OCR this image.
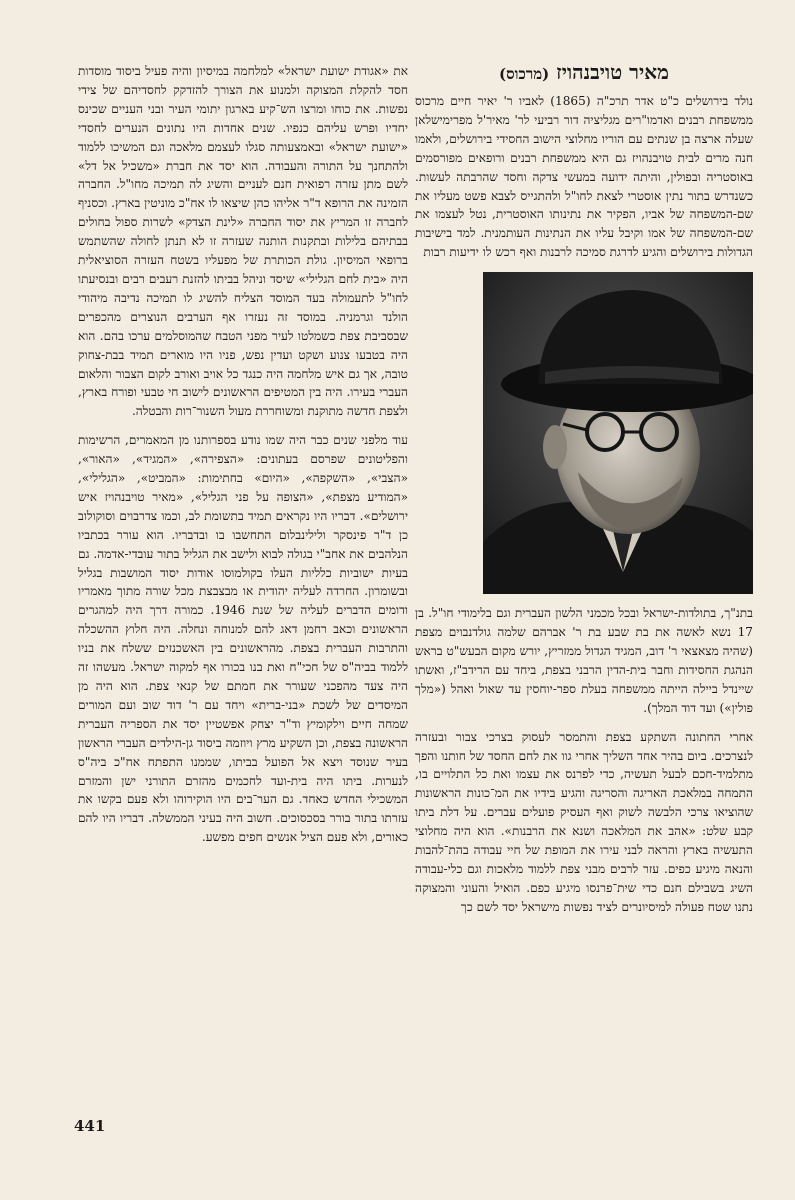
מאיר טויבנהויז (מרכוס)

נולד בירושלים כ"ט אדר תרכ"ה (1865) לאביו ר' יאיר חיים מרכוס ממשפחת רבנים ואדמו"רים מגליציה דור רביעי לר' מאיר'ל מפרימישלאן שעלה ארצה בן שנתים עם הוריו מחלוצי הישוב החסידי בירושלים, ולאמו חנה מרים לבית טויבנהויז גם היא ממשפחת רבנים ורופאים מפורסמים באוסטריה ובפולין, והיתה ידועה במעשי צדקה וחסד שהרבתה לעשות. כשנדרש בתור נתין אוסטרי לצאת לחו"ל ולהתגייס לצבא פשט מעליו את שם-המשפחה של אביו, הפקיר את נתינותו האוסטרית, נטל לעצמו את שם-המשפחה של אמו וקיבל עליו את הנתינות העותמנית. למד בישיבות הגדולות בירושלים והגיע לדרגת סמיכה לרבנות ואף רכש לו ידיעות רבות

בתנ"ך, בתולדות-ישראל ובכל מכמני הלשון העברית וגם בלימודי חו"ל. בן 17 נשא לאשה את בת שבע בת ר' אברהם שלמה גולדנבוים מצפת (שהיה מצאצאי ר' דוב, המגיד הגדול ממזריץ, יורש מקום הבעש"ט בראש הנהגת החסידות וחבר בית-הדין הרבני בצפת, ביחד עם הרידב"ז, ואשתו שיינדל ביילה הייתה ממשפחה בעלת ספר-יוחסין עד שאול ואהל («מלך פולין») ועד דוד המלך).

אחרי החתונה השתקע בצפת והתמסר לעסוק בצרכי צבור ובעזרה לנצרכים. ביום בהיר אחד השליך אחרי גוו את לחם החסד של חותנו והפך מתלמיד-חכם לבעל תעשיה, כדי לפרנס את עצמו ואת כל התלויים בו, התמחה במלאכת האריגה והסריגה והגיע בידיו את המ־כונות הראשונות שהוציאו צרכי הלבשה לשוק ואף העסיק פועלים עברים. על דלת ביתו קבע שלט: «אהב את המלאכה ושנא את הרבנות». הוא היה מחלוצי התעשיה בארץ והראה לבני עירו את המופת של חיי עבודה בהת־להבות והנאה מיגיע כפים. עזר לרבים מבני צפת ללמוד מלאכות וגם כלי-עבודה השיג בשבילם חנם כדי שית־פרנסו מיגיע כפם. הואיל והעוני והמצוקה נתנו שטח פעולה למיסיונרים לציד נפשות מישראל יסד לשם כך

את «אגודת ישועת ישראל» למלחמה במיסיון והיה פעיל ביסוד מוסדות חסד להקלת המצוקה ולמנוע את הצורך להזדקק לחסדיהם של צידי נפשות. את כוחו ומרצו הש־קיע בארגון יתומי העיר ובני העניים שכינס יחדיו ופרש עליהם כנפיו. שנים אחדות היו נתונים הנערים לחסדי «ישועת ישראל» ובאמצעותה סגלו לעצמם מלאכה וגם המשיכו ללמוד ולהתחנך על התורה והעבודה. הוא יסד את חברת «משכיל אל דל» לשם מתן עזרה רפואית חנם לעניים והשיג לה תמיכה מחו"ל. החברה הזמינה את הרופא ד"ר אליהו כהן שיצאו לו אח"כ מוניטין בארץ. וכסניף לחברה זו המריץ את יסוד החברה «לינת הצדק» לשרות ספול בחולים בבתיהם בלילות ובתקנות הותנה שעזרה זו לא תנתן לחולה שהשתמש ברופאי המיסיון. גולת הכותרת של מפעליו בשטח העזרה הסוציאלית היה «בית לחם הגלילי» שיסד וניהל בביתו להזנת רעבים רבים ובנסיעתו לחו"ל לתעמולה בעד המוסד הצליח להשיג לו תמיכה נדיבה מיהודי הולנד וגרמניה. במוסד זה נעזרו אף הערבים הנוצרים מהכפרים שבסביבת צפת כשמלטו לעיר מפני הטבח שהמוסלמים ערכו בהם. הוא היה בטבעו צנוע ושקט ועדין נפש, פניו היו מוארים תמיד בבת-צחוק טובה, אך גם איש מלחמה היה כנגד כל אויב ואורב לקום הצבור והלאום העברי בעירו. היה בין המטיפים הראשונים לישוב חי טבעי ופורח בארץ, ולצפת חדשה מתוקנת ומשוחררת מעול השנור־רות והבטלה.

עוד מלפני שנים כבר היה שמו נודע בספרותנו מן המאמרים, הרשימות והפליטונים שפרסם בעתונים: «הצפירה», «המגיד», «האור», «הצבי», «השקפה», «היום» בחתימות: «המביט», «הגלילי», «המודיע מצפת», «הצופה על פני הגליל», «מאיר טויבנהויז איש ירושלים». דבריו היו נקראים תמיד בתשומת לב, וכמו צדרבוים וסוקולוב כן ד"ר פינסקר ולילינבלום התחשבו בו ובדבריו. הוא עורר בכתביו הנלהבים את אחב"י בגולה לבוא ולישב את הגליל בתור עובדי-אדמה. גם בעיות ישוביות כלליות העלו בקולמוסו אודות יסוד המושבות בגליל ובשומרון. החרדה לעליה יהודית או מבצבצת מכל שורה מתוך מאמריו ודומים הדברים לעליה של שנת 1946. כמורה דרך היה למהגרים הראשונים וכאב רחמן דאג להם למנוחה ונחלה. היה חלוץ ההשכלה והתרבות העברית בצפת. מהראשונים בין האשכנזים ששלח את בניו ללמוד בביה"ס של חכי"ח ואת בנו בכורו אף למקוה ישראל. מעשהו זה היה צעד מהפכני שעורר את חמתם של קנאי צפת. הוא היה מן המיסדים של לשכת «בני-ברית» ויחד עם ר' דוד שוב ועם המורים שמחה חיים וילקומיץ וד"ר יצחק אפשטיין יסד את הספריה העברית הראשונה בצפת, וכן השקיע מרץ ויוזמה ביסוד גן-הילדים העברי הראשון בעיר שנוסד ויצא אל הפועל בביתו, שממנו התפתח אח"כ ביה"ס לנערות. ביתו היה בית-ועד לחכמים מהזרם התורני ישן והמזרם המשכילי החדש כאחד. גם הער־בים היו הוקירוהו ולא פעם בקשו את עזרתו בתור בורר בסכסוכים. חשוב היה בעיני הממשלה. דבריו היו להם כאורים, ולא פעם הציל אנשים חפים מפשע.

441
